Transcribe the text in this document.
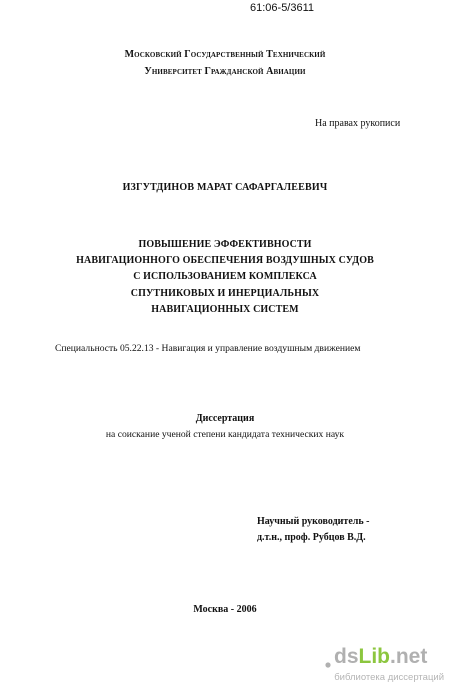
61:06-5/3611
Московский Государственный Технический
Университет Гражданской Авиации
На правах рукописи
ИЗГУТДИНОВ МАРАТ САФАРГАЛЕЕВИЧ
ПОВЫШЕНИЕ ЭФФЕКТИВНОСТИ
НАВИГАЦИОННОГО ОБЕСПЕЧЕНИЯ ВОЗДУШНЫХ СУДОВ
С ИСПОЛЬЗОВАНИЕМ КОМПЛЕКСА
СПУТНИКОВЫХ И ИНЕРЦИАЛЬНЫХ
НАВИГАЦИОННЫХ СИСТЕМ
Специальность 05.22.13 - Навигация и управление воздушным движением
Диссертация
на соискание ученой степени кандидата технических наук
Научный руководитель -
д.т.н., проф. Рубцов В.Д.
Москва - 2006
dsLib.net
библиотека диссертаций
